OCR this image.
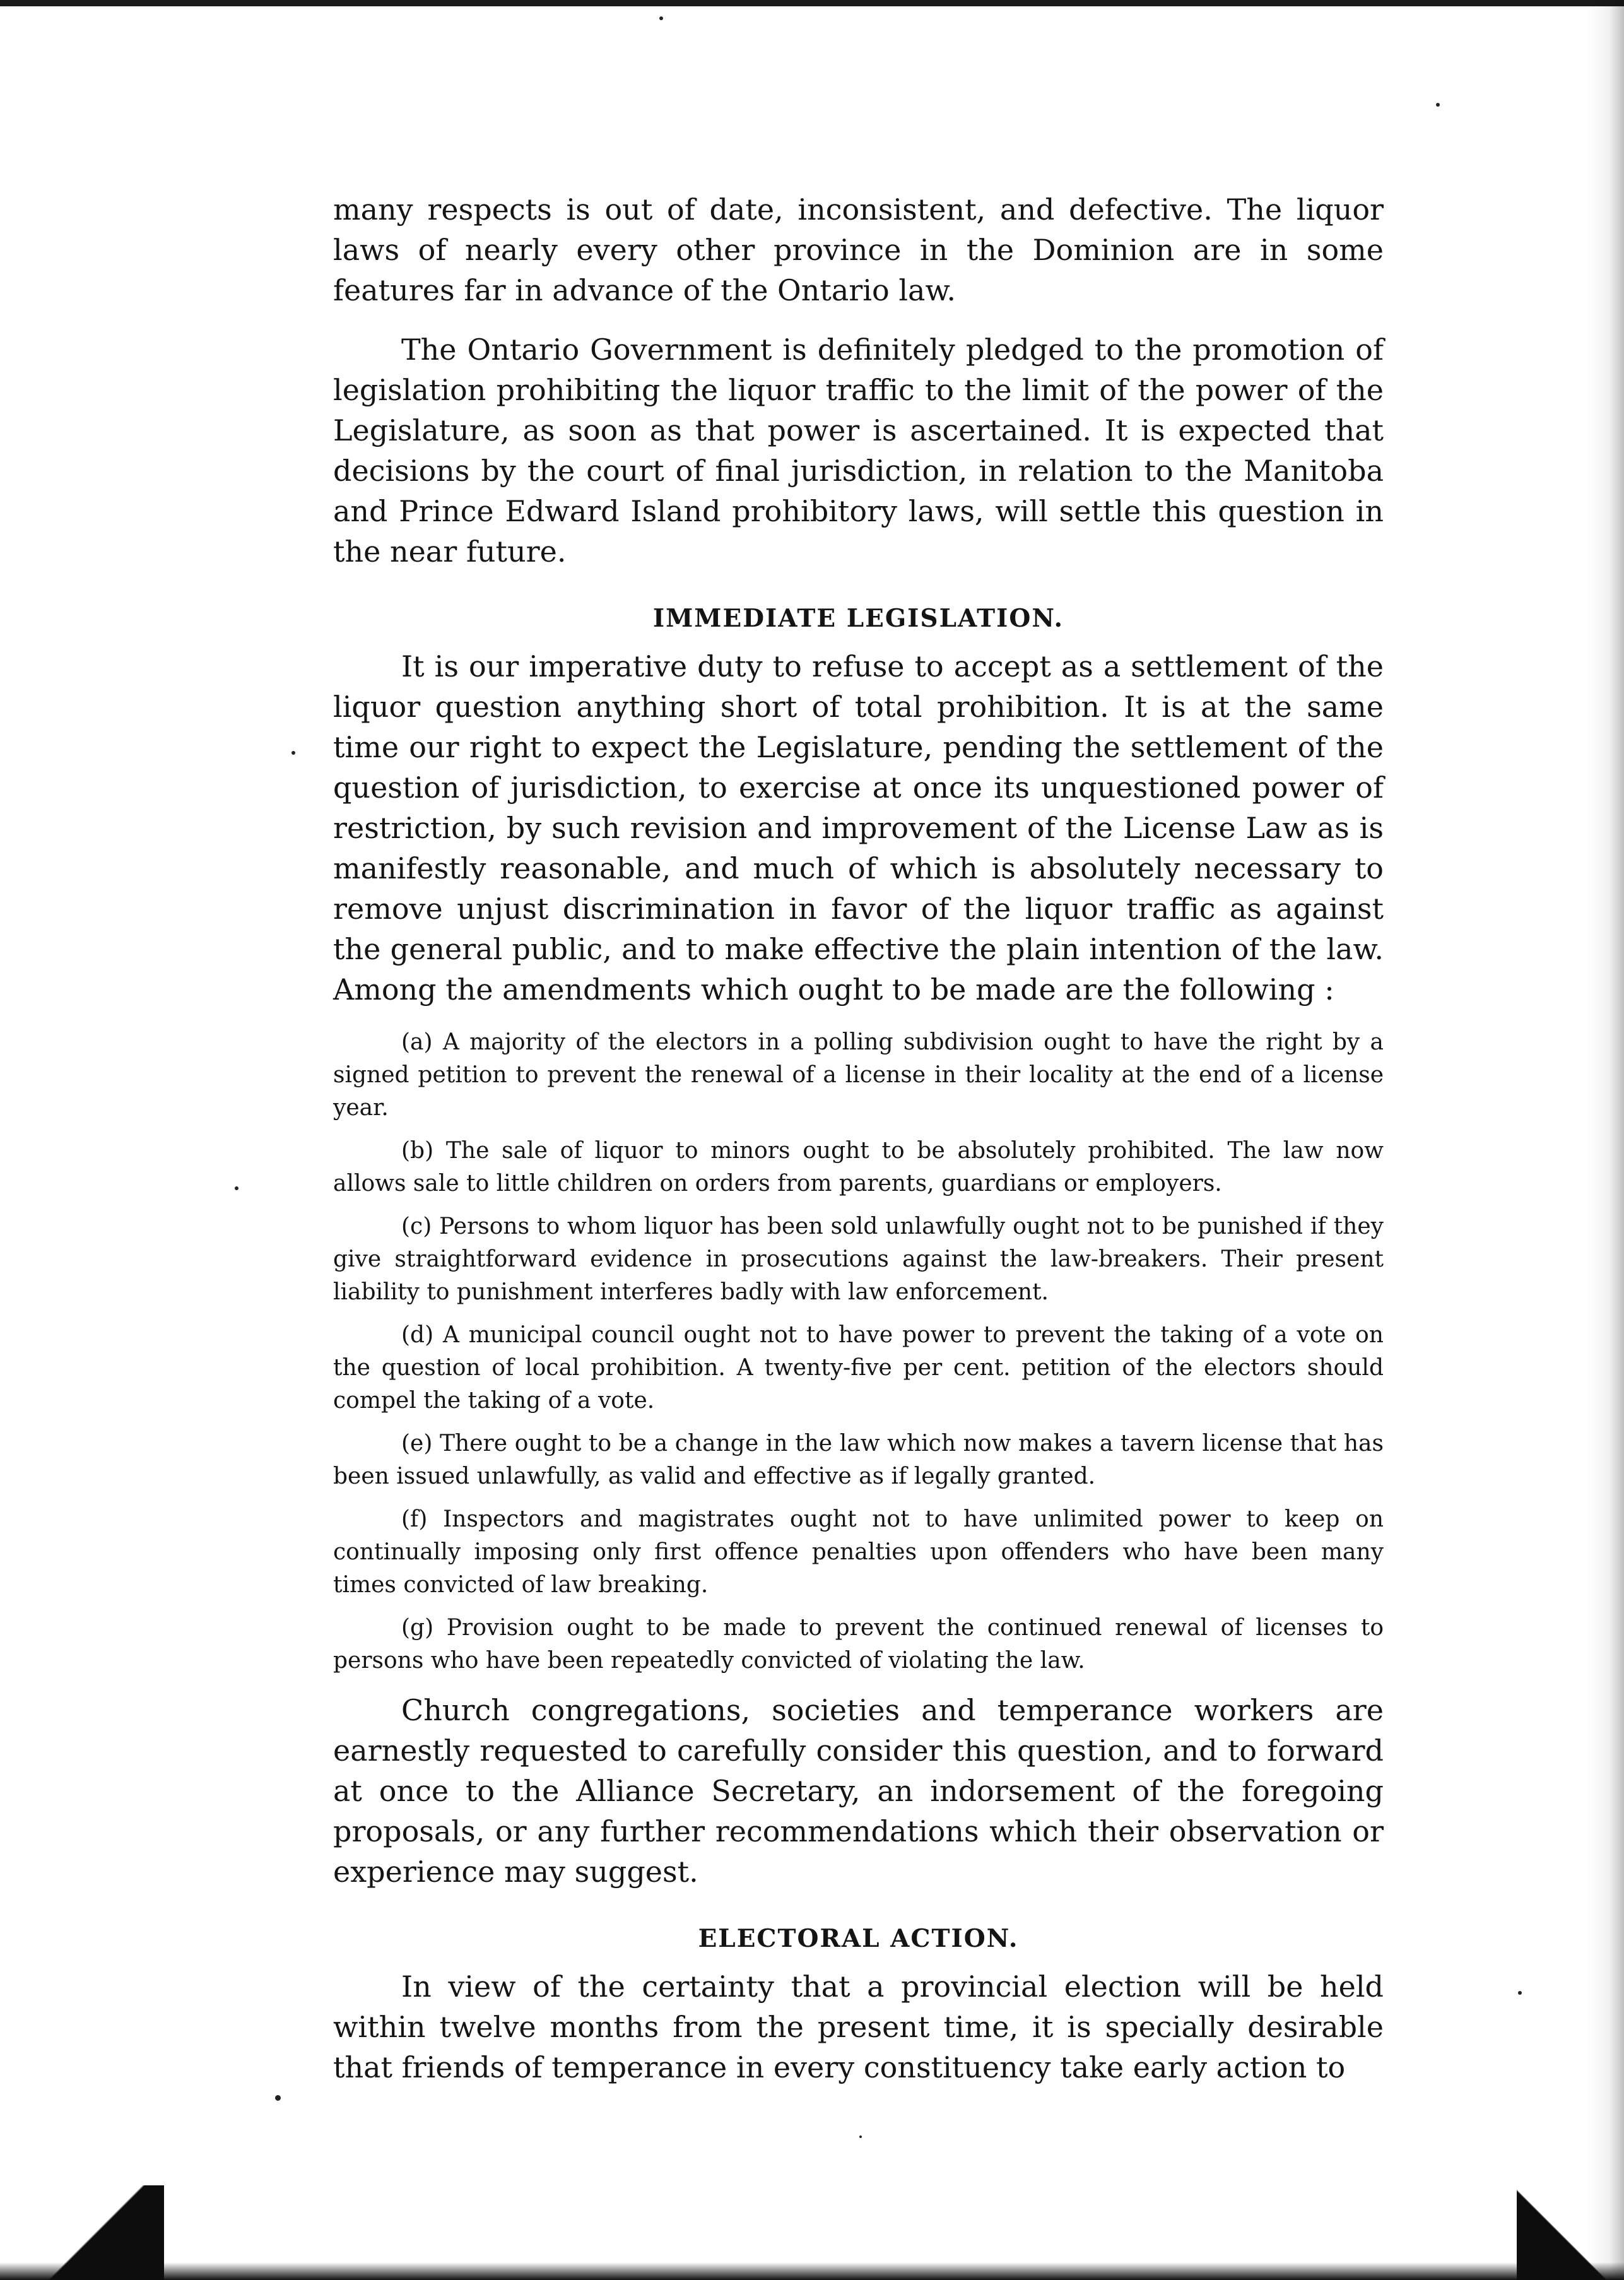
many respects is out of date, inconsistent, and defective. The liquor laws of nearly every other province in the Dominion are in some features far in advance of the Ontario law.

The Ontario Government is definitely pledged to the promotion of legislation prohibiting the liquor traffic to the limit of the power of the Legislature, as soon as that power is ascertained. It is expected that decisions by the court of final jurisdiction, in relation to the Manitoba and Prince Edward Island prohibitory laws, will settle this question in the near future.

IMMEDIATE LEGISLATION.

It is our imperative duty to refuse to accept as a settlement of the liquor question anything short of total prohibition. It is at the same time our right to expect the Legislature, pending the settlement of the question of jurisdiction, to exercise at once its unquestioned power of restriction, by such revision and improvement of the License Law as is manifestly reasonable, and much of which is absolutely necessary to remove unjust discrimination in favor of the liquor traffic as against the general public, and to make effective the plain intention of the law. Among the amendments which ought to be made are the following :

(a) A majority of the electors in a polling subdivision ought to have the right by a signed petition to prevent the renewal of a license in their locality at the end of a license year.

(b) The sale of liquor to minors ought to be absolutely prohibited. The law now allows sale to little children on orders from parents, guardians or employers.

(c) Persons to whom liquor has been sold unlawfully ought not to be punished if they give straightforward evidence in prosecutions against the law-breakers. Their present liability to punishment interferes badly with law enforcement.

(d) A municipal council ought not to have power to prevent the taking of a vote on the question of local prohibition. A twenty-five per cent. petition of the electors should compel the taking of a vote.

(e) There ought to be a change in the law which now makes a tavern license that has been issued unlawfully, as valid and effective as if legally granted.

(f) Inspectors and magistrates ought not to have unlimited power to keep on continually imposing only first offence penalties upon offenders who have been many times convicted of law breaking.

(g) Provision ought to be made to prevent the continued renewal of licenses to persons who have been repeatedly convicted of violating the law.

Church congregations, societies and temperance workers are earnestly requested to carefully consider this question, and to forward at once to the Alliance Secretary, an indorsement of the foregoing proposals, or any further recommendations which their observation or experience may suggest.

ELECTORAL ACTION.

In view of the certainty that a provincial election will be held within twelve months from the present time, it is specially desirable that friends of temperance in every constituency take early action to
